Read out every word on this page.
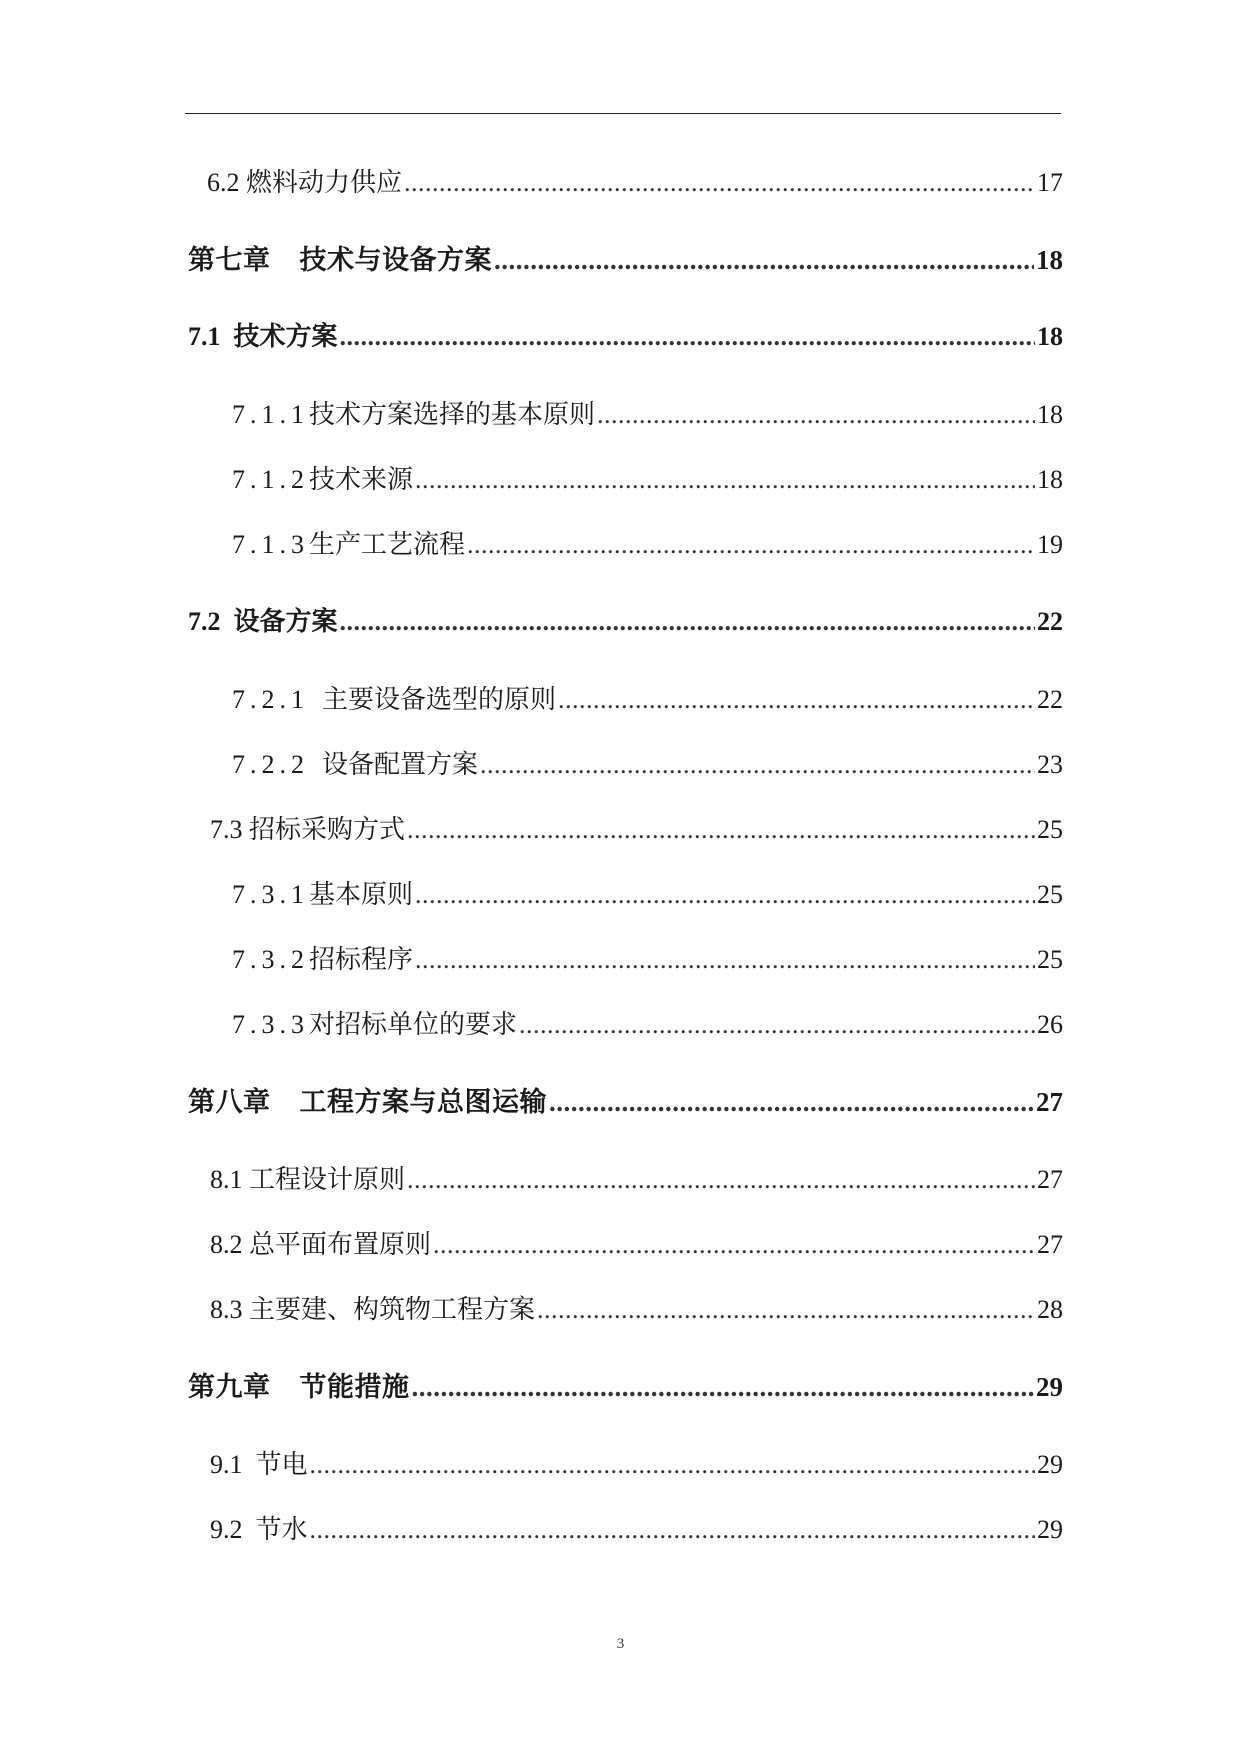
6.2 燃料动力供应 .....	17
第七章 技术与设备方案 .....	18
7.1 技术方案 .....	18
7.1.1技术方案选择的基本原则 .....	18
7.1.2技术来源 .....	18
7.1.3生产工艺流程 .....	19
7.2 设备方案 .....	22
7.2.1 主要设备选型的原则 .....	22
7.2.2 设备配置方案 .....	23
7.3 招标采购方式 .....	25
7.3.1基本原则 .....	25
7.3.2招标程序 .....	25
7.3.3对招标单位的要求 .....	26
第八章 工程方案与总图运输 .....	27
8.1 工程设计原则 .....	27
8.2 总平面布置原则 .....	27
8.3 主要建、构筑物工程方案 .....	28
第九章 节能措施 .....	29
9.1 节电 .....	29
9.2 节水 .....	29
3
